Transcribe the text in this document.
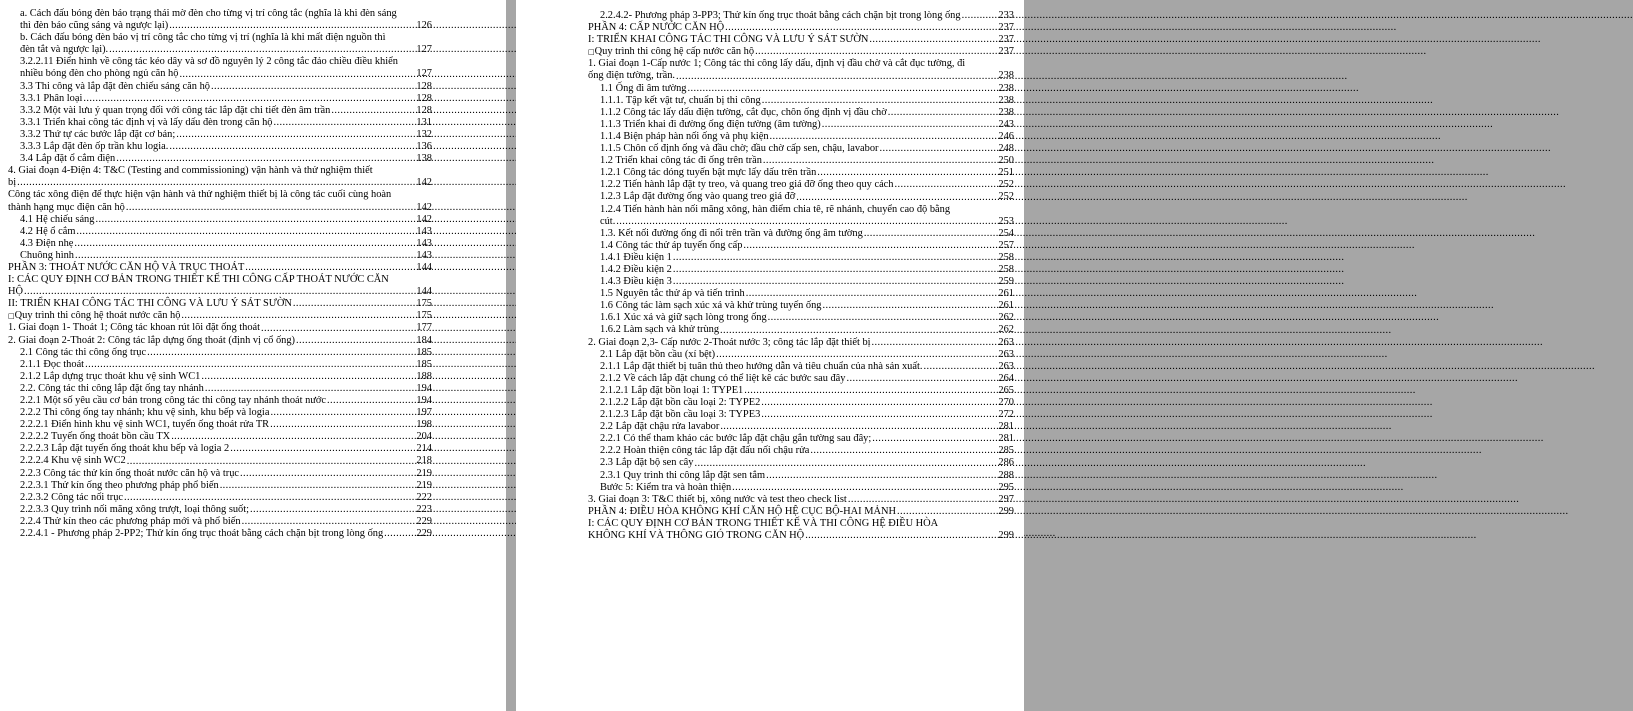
a. Cách đấu bóng đèn báo trạng thái mờ đèn cho từng vị trí công tắc (nghĩa là khi đèn sáng
thì đèn báo cũng sáng và ngược lại) .....	126
b. Cách đấu bóng đèn báo vị trí công tắc cho từng vị trí (nghĩa là khi mất điện nguồn thì
đèn tắt và ngược lại). .....	127
3.2.2.11 Điển hình về công tác kéo dây và sơ đồ nguyên lý 2 công tắc đảo chiều điều khiển
nhiều bóng đèn cho phòng ngủ căn hộ .....	127
3.3 Thi công và lắp đặt đèn chiếu sáng căn hộ .....	128
3.3.1 Phân loại .....	128
3.3.2 Một vài lưu ý quan trọng đối với công tác lắp đặt chi tiết đèn âm trần .....	128
3.3.1 Triển khai công tác định vị và lấy dấu đèn trong căn hộ .....	131
3.3.2 Thứ tự các bước lắp đặt cơ bản; .....	132
3.3.3 Lắp đặt đèn ốp trần khu logia. .....	136
3.4 Lắp đặt ổ cắm điện .....	138
4. Giai đoạn 4-Điện 4: T&C (Testing and commissioning) vận hành và thử nghiệm thiết
bị .....	142
Công tác xông điện để thực hiện vận hành và thử nghiệm thiết bị là công tác cuối cùng hoàn
thành hạng mục điện căn hộ .....	142
4.1 Hệ chiếu sáng .....	142
4.2 Hệ ổ cắm .....	143
4.3 Điện nhẹ .....	143
Chuông hình .....	143
PHẦN 3: THOÁT NƯỚC CĂN HỘ VÀ TRỤC THOÁT .....	144
I: CÁC QUY ĐỊNH CƠ BẢN TRONG THIẾT KẾ THI CÔNG CẤP THOÁT NƯỚC CĂN
HỘ .....	144
II: TRIỂN KHAI CÔNG TÁC THI CÔNG VÀ LƯU Ý SÁT SƯỜN .....	175
□ Quy trình thi công hệ thoát nước căn hộ .....	175
1. Giai đoạn 1- Thoát 1; Công tác khoan rút lõi đặt ống thoát .....	177
2. Giai đoạn 2-Thoát 2: Công tác lắp dựng ống thoát (định vị cổ ống) .....	184
2.1 Công tác thi công ống trục .....	185
2.1.1 Đọc thoát .....	185
2.1.2 Lắp dựng trục thoát khu vệ sinh WC1 .....	188
2.2. Công tác thi công lắp đặt ống tay nhánh .....	194
2.2.1 Một số yêu cầu cơ bản trong công tác thi công tay nhánh thoát nước .....	194
2.2.2 Thi công ống tay nhánh; khu vệ sinh, khu bếp và logia .....	197
2.2.2.1 Điển hình khu vệ sinh WC1, tuyến ống thoát rửa TR .....	198
2.2.2.2 Tuyến ống thoát bồn cầu TX .....	204
2.2.2.3 Lắp đặt tuyến ống thoát khu bếp và logia 2 .....	214
2.2.2.4 Khu vệ sinh WC2 .....	218
2.2.3 Công tác thử kín ống thoát nước căn hộ và trục .....	219
2.2.3.1 Thử kín ống theo phương pháp phổ biến .....	219
2.2.3.2 Công tác nối trục .....	222
2.2.3.3 Quy trình nối măng xông trượt, loại thông suốt; .....	223
2.2.4 Thử kín theo các phương pháp mới và phổ biến .....	229
2.2.4.1 - Phương pháp 2-PP2; Thử kín ống trục thoát bằng cách chặn bịt trong lòng ống .....	229
2.2.4.2- Phương pháp 3-PP3; Thử kín ống trục thoát bằng cách chặn bịt trong lòng ống .....	233
PHẦN 4: CẤP NƯỚC CĂN HỘ .....	237
I: TRIỂN KHAI CÔNG TÁC THI CÔNG VÀ LƯU Ý SÁT SƯỜN .....	237
□ Quy trình thi công hệ cấp nước căn hộ .....	237
1. Giai đoạn 1-Cấp nước 1; Công tác thi công lấy dấu, định vị đầu chờ và cắt đục tường, đi
ống điện tường, trần. .....	238
1.1 Ống đi âm tường .....	238
1.1.1. Tập kết vật tư, chuẩn bị thi công .....	238
1.1.2 Công tác lấy dấu điện tường, cắt đục, chôn ống định vị đầu chờ .....	238
1.1.3 Triển khai đi đường ống điện tường (âm tường) .....	243
1.1.4 Biện pháp hàn nối ống và phụ kiện .....	246
1.1.5 Chôn cố định ống và đầu chờ; đầu chờ cấp sen, chậu, lavabor .....	248
1.2 Triển khai công tác đi ống trên trần .....	250
1.2.1 Công tác dóng tuyến bật mực lấy dấu trên trần .....	251
1.2.2 Tiến hành lắp đặt ty treo, và quang treo giá đỡ ống theo quy cách .....	252
1.2.3 Lắp đặt đường ống vào quang treo giá đỡ .....	252
1.2.4 Tiến hành hàn nối măng xông, hàn điểm chia tê, rẽ nhánh, chuyển cao độ bằng
cút. .....	253
1.3. Kết nối đường ống đi nổi trên trần và đường ống âm tường .....	254
1.4 Công tác thử áp tuyến ống cấp .....	257
1.4.1 Điều kiện 1 .....	258
1.4.2 Điều kiện 2 .....	258
1.4.3 Điều kiện 3 .....	259
1.5 Nguyên tắc thử áp và tiến trình .....	261
1.6 Công tác làm sạch xúc xả và khử trùng tuyến ống .....	261
1.6.1 Xúc xả và giữ sạch lòng trong ống .....	262
1.6.2 Làm sạch và khử trùng .....	262
2. Giai đoạn 2,3- Cấp nước 2-Thoát nước 3; công tác lắp đặt thiết bị .....	263
2.1 Lắp đặt bồn cầu (xí bệt) .....	263
2.1.1 Lắp đặt thiết bị tuân thủ theo hướng dẫn và tiêu chuẩn của nhà sản xuất. .....	263
2.1.2 Về cách lắp đặt chung có thể liệt kê các bước sau đây .....	264
2.1.2.1 Lắp đặt bồn loại 1: TYPE1 .....	265
2.1.2.2 Lắp đặt bồn cầu loại 2: TYPE2 .....	270
2.1.2.3 Lắp đặt bồn cầu loại 3: TYPE3 .....	272
2.2 Lắp đặt chậu rửa lavabor .....	281
2.2.1 Có thể tham khảo các bước lắp đặt chậu gắn tường sau đây; .....	281
2.2.2 Hoàn thiện công tác lắp đặt đấu nối chậu rửa .....	285
2.3 Lắp đặt bộ sen cây .....	286
2.3.1 Quy trình thi công lắp đặt sen tắm .....	288
Bước 5: Kiểm tra và hoàn thiện .....	295
3. Giai đoạn 3: T&C thiết bị, xông nước và test theo check list .....	297
PHẦN 4: ĐIỀU HÒA KHÔNG KHÍ CĂN HỘ HỆ CỤC BỘ-HAI MẢNH .....	299
I: CÁC QUY ĐỊNH CƠ BẢN TRONG THIẾT KẾ VÀ THI CÔNG HỆ ĐIỀU HÒA
KHÔNG KHÍ VÀ THÔNG GIÓ TRONG CĂN HỘ .....	299
